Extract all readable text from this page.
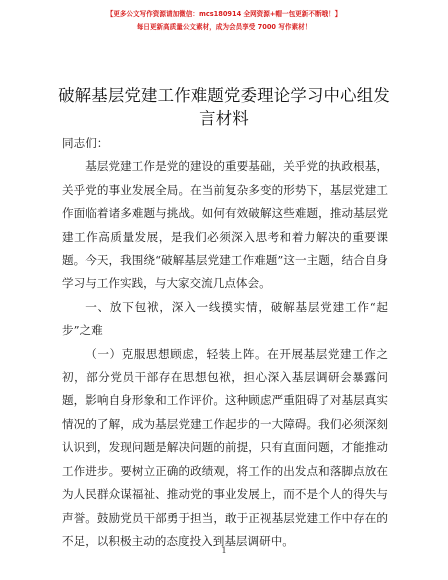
【更多公文写作资源请加微信：mcs180914 全网资源+帽一包更新不断哦！】
每日更新高质量公文素材，成为会员享受 7000 写作素材！
破解基层党建工作难题党委理论学习中心组发言材料

同志们：

基层党建工作是党的建设的重要基础，关乎党的执政根基，关乎党的事业发展全局。在当前复杂多变的形势下，基层党建工作面临着诸多难题与挑战。如何有效破解这些难题，推动基层党建工作高质量发展，是我们必须深入思考和着力解决的重要课题。今天，我围绕“破解基层党建工作难题”这一主题，结合自身学习与工作实践，与大家交流几点体会。

一、放下包袱，深入一线摸实情，破解基层党建工作“起步”之难

（一）克服思想顾虑，轻装上阵。在开展基层党建工作之初，部分党员干部存在思想包袱，担心深入基层调研会暴露问题，影响自身形象和工作评价。这种顾虑严重阻碍了对基层真实情况的了解，成为基层党建工作起步的一大障碍。我们必须深刻认识到，发现问题是解决问题的前提，只有直面问题，才能推动工作进步。要树立正确的政绩观，将工作的出发点和落脚点放在为人民群众谋福祉、推动党的事业发展上，而不是个人的得失与声誉。鼓励党员干部勇于担当，敢于正视基层党建工作中存在的不足，以积极主动的态度投入到基层调研中。

1
